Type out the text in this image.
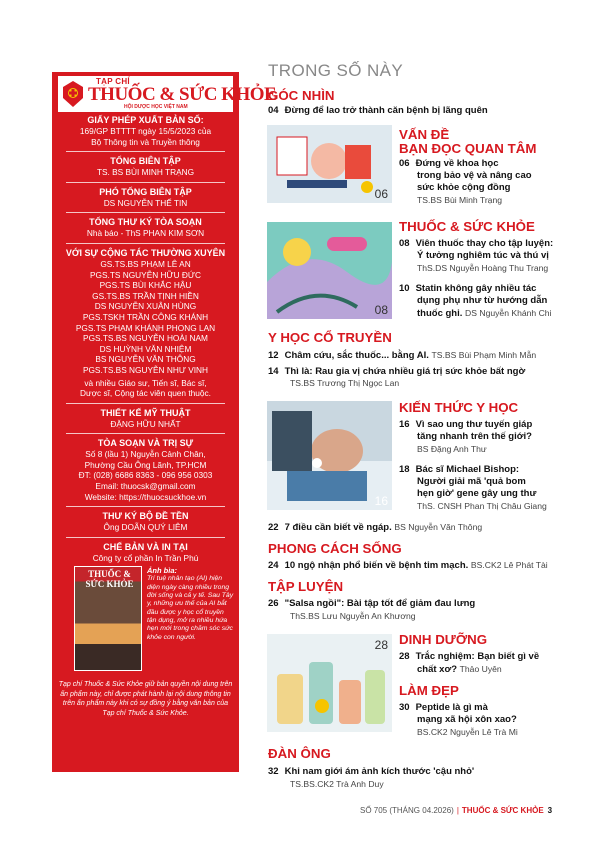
TẠP CHÍ
THUỐC & SỨC KHỎE
HỘI DƯỢC HỌC VIỆT NAM
GIẤY PHÉP XUẤT BẢN SỐ:
169/GP BTTTT ngày 15/5/2023 của
Bộ Thông tin và Truyền thông
TỔNG BIÊN TẬP
TS. BS BÙI MINH TRẠNG
PHÓ TỔNG BIÊN TẬP
DS NGUYỄN THẾ TIN
TỔNG THƯ KÝ TÒA SOẠN
Nhà báo - ThS PHAN KIM SƠN
VỚI SỰ CỘNG TÁC THƯỜNG XUYÊN
GS.TS.BS PHẠM LÊ AN
PGS.TS NGUYỄN HỮU ĐỨC
PGS.TS BÙI KHẮC HẬU
GS.TS.BS TRẦN TỊNH HIỀN
DS NGUYỄN XUÂN HÙNG
PGS.TSKH TRẦN CÔNG KHÁNH
PGS.TS PHẠM KHÁNH PHONG LAN
PGS.TS.BS NGUYỄN HOÀI NAM
DS HUỲNH VĂN NHIỆM
BS NGUYỄN VĂN THÔNG
PGS.TS.BS NGUYỄN NHƯ VINH
và nhiều Giáo sư, Tiến sĩ, Bác sĩ,
Dược sĩ, Cộng tác viên quen thuộc.
THIẾT KẾ MỸ THUẬT
ĐẶNG HỮU NHẤT
TÒA SOẠN VÀ TRỊ SỰ
Số 8 (lầu 1) Nguyễn Cảnh Chân,
Phường Cầu Ông Lãnh, TP.HCM
ĐT: (028) 6686 8363 - 096 956 0303
Email: thuocsk@gmail.com
Website: https://thuocsuckhoe.vn
THƯ KÝ BỘ ĐỀ TỀN
Ông DOÃN QUÝ LIÊM
CHẾ BẢN VÀ IN TẠI
Công ty cổ phần In Trần Phú
THUỐC & SỨC KHỎE
Ảnh bìa:
Trí tuệ nhân tạo (AI) hiện diện ngày càng nhiều trong đời sống và cả y tế. Sau Tây y, những ưu thế của AI bắt đầu được y học cổ truyền tận dụng, mở ra nhiều hứa hẹn mới trong chăm sóc sức khỏe con người.
Tạp chí Thuốc & Sức Khỏe giữ bản quyền nội dung trên ấn phẩm này, chỉ được phát hành lại nội dung thông tin trên ấn phẩm này khi có sự đồng ý bằng văn bản của Tạp chí Thuốc & Sức Khỏe.
TRONG SỐ NÀY
GÓC NHÌN
04 Đừng để lao trở thành căn bệnh bị lãng quên
06
VẤN ĐỀ
BẠN ĐỌC QUAN TÂM
06 Đứng về khoa học
trong bảo vệ và nâng cao
sức khỏe cộng đồng
TS.BS Bùi Minh Trạng
08
THUỐC & SỨC KHỎE
08 Viên thuốc thay cho tập luyện:
Ý tưởng nghiêm túc và thú vị
ThS.DS Nguyễn Hoàng Thu Trang
10 Statin không gây nhiều tác
dụng phụ như từ hướng dẫn
thuốc ghi. DS Nguyễn Khánh Chi
Y HỌC CỔ TRUYỀN
12 Châm cứu, sắc thuốc... bằng AI. TS.BS Bùi Phạm Minh Mẫn
14 Thì là: Rau gia vị chứa nhiều giá trị sức khỏe bất ngờ
TS.BS Trương Thị Ngọc Lan
16
KIẾN THỨC Y HỌC
16 Vì sao ung thư tuyến giáp
tăng nhanh trên thế giới?
BS Đặng Anh Thư
18 Bác sĩ Michael Bishop:
Người giải mã 'quả bom
hẹn giờ' gene gây ung thư
ThS. CNSH Phan Thị Châu Giang
22 7 điều cần biết về ngáp. BS Nguyễn Văn Thông
PHONG CÁCH SỐNG
24 10 ngộ nhận phổ biến về bệnh tim mạch. BS.CK2 Lê Phát Tài
TẬP LUYỆN
26 "Salsa ngồi": Bài tập tốt để giảm đau lưng
ThS.BS Lưu Nguyễn An Khương
28 DINH DƯỠNG
28 Trắc nghiệm: Bạn biết gì về
chất xơ? Thảo Uyên
LÀM ĐẸP
30 Peptide là gì mà
mạng xã hội xôn xao?
BS.CK2 Nguyễn Lê Trà Mi
ĐÀN ÔNG
32 Khi nam giới ám ảnh kích thước 'cậu nhỏ'
TS.BS.CK2 Trà Anh Duy
SỐ 705 (THÁNG 04.2026) | THUỐC & SỨC KHỎE 3
